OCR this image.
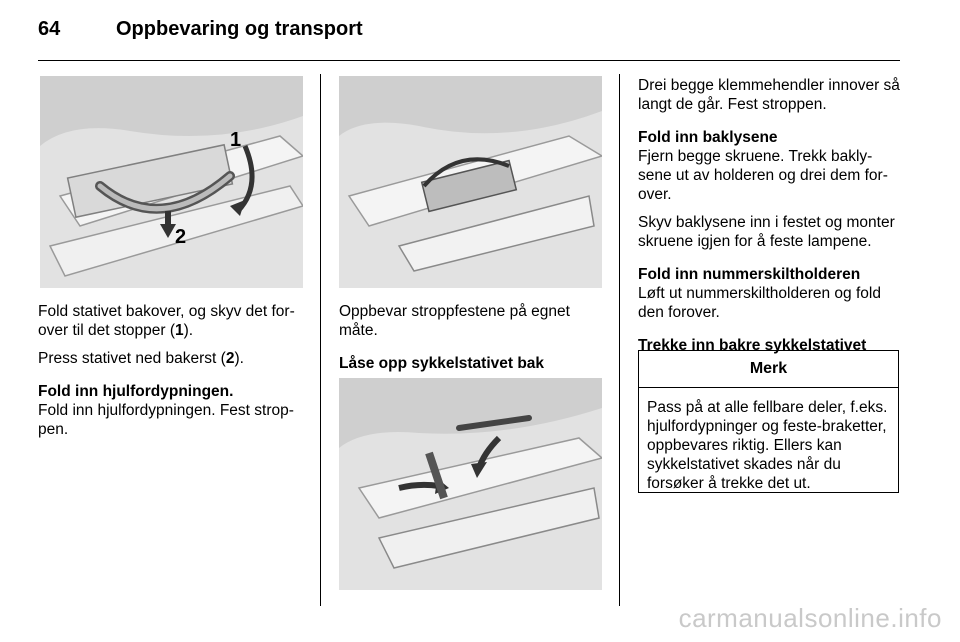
64	Oppbevaring og transport
1
2

Fold stativet bakover, og skyv det for-over til det stopper (1).

Press stativet ned bakerst (2).

Fold inn hjulfordypningen.

Fold inn hjulfordypningen. Fest strop-pen.

Oppbevar stroppfestene på egnet måte.

Låse opp sykkelstativet bak

Drei begge klemmehendler innover så langt de går. Fest stroppen.

Fold inn baklysene

Fjern begge skruene. Trekk bakly-sene ut av holderen og drei dem for-over.

Skyv baklysene inn i festet og monter skruene igjen for å feste lampene.

Fold inn nummerskiltholderen

Løft ut nummerskiltholderen og fold den forover.

Trekke inn bakre sykkelstativet

Merk
Pass på at alle fellbare deler, f.eks. hjulfordypninger og feste-braketter, oppbevares riktig. Ellers kan sykkelstativet skades når du forsøker å trekke det ut.
carmanualsonline.info
